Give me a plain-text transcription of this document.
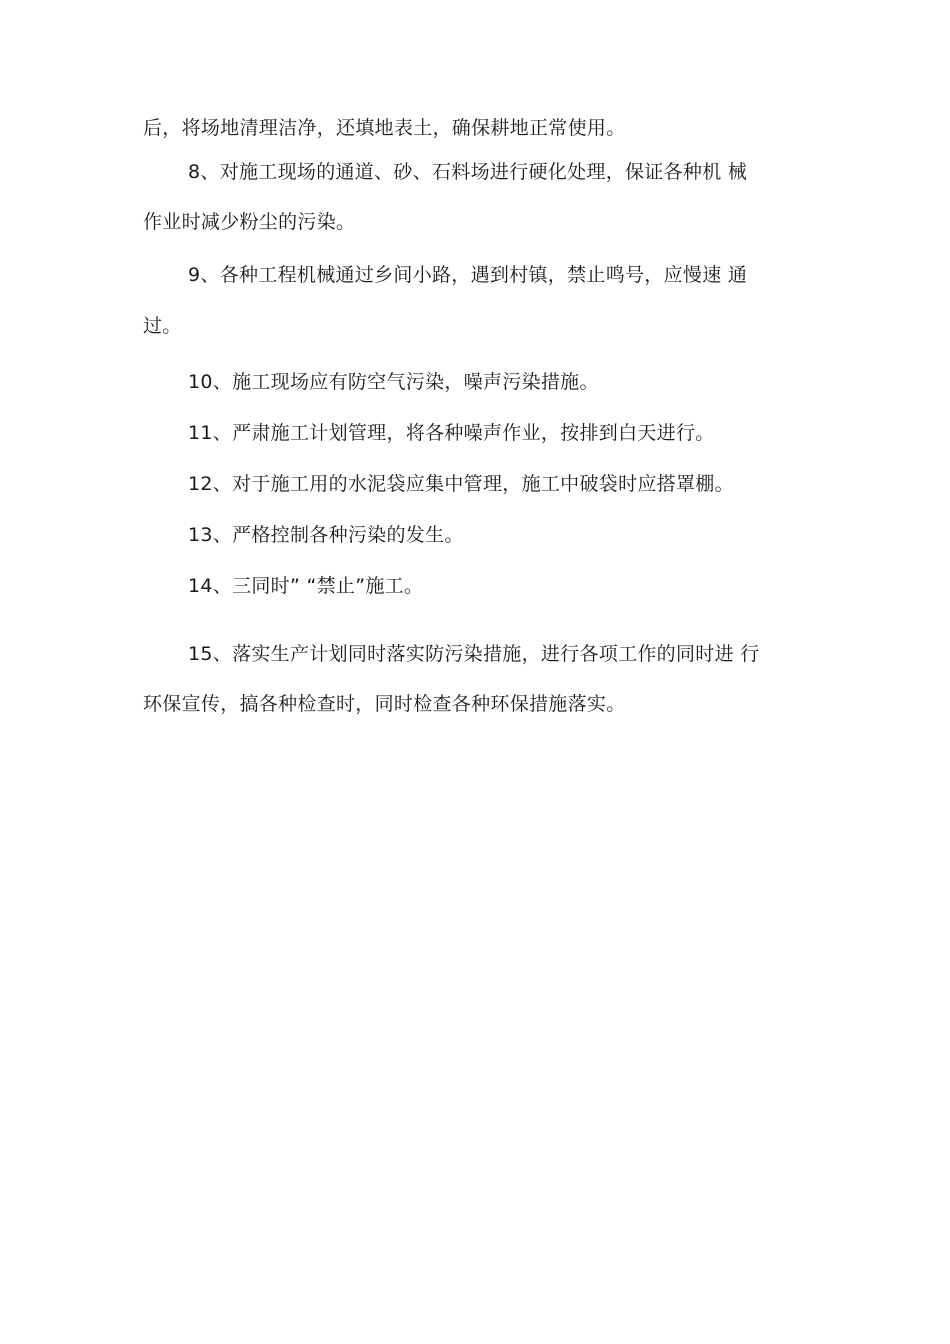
后，将场地清理洁净，还填地表土，确保耕地正常使用。
8、对施工现场的通道、砂、石料场进行硬化处理，保证各种机 械
作业时减少粉尘的污染。
9、各种工程机械通过乡间小路，遇到村镇，禁止鸣号，应慢速 通
过。
10、施工现场应有防空气污染，噪声污染措施。
11、严肃施工计划管理，将各种噪声作业，按排到白天进行。
12、对于施工用的水泥袋应集中管理，施工中破袋时应搭罩棚。
13、严格控制各种污染的发生。
14、三同时” “禁止”施工。
15、落实生产计划同时落实防污染措施，进行各项工作的同时进 行
环保宣传，搞各种检查时，同时检查各种环保措施落实。
